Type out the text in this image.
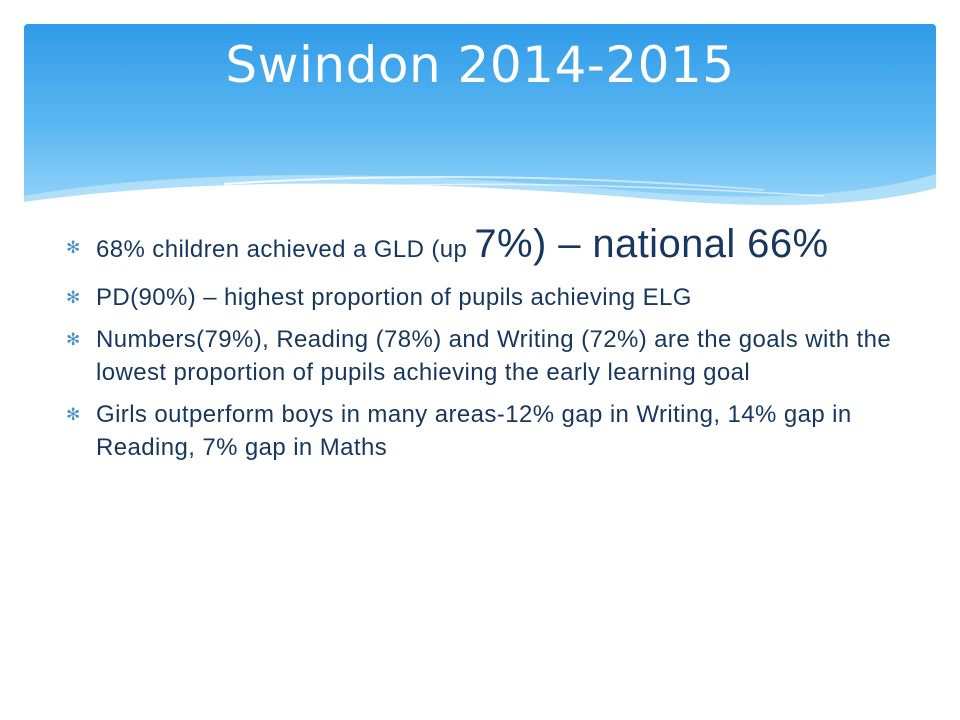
Swindon 2014-2015
✻ 68% children achieved a GLD (up 7%) – national 66%
✻ PD(90%) – highest proportion of pupils achieving ELG
✻ Numbers(79%), Reading (78%) and Writing (72%) are the goals with the lowest proportion of pupils achieving the early learning goal
✻ Girls outperform boys in many areas-12% gap in Writing, 14% gap in Reading, 7% gap in Maths
